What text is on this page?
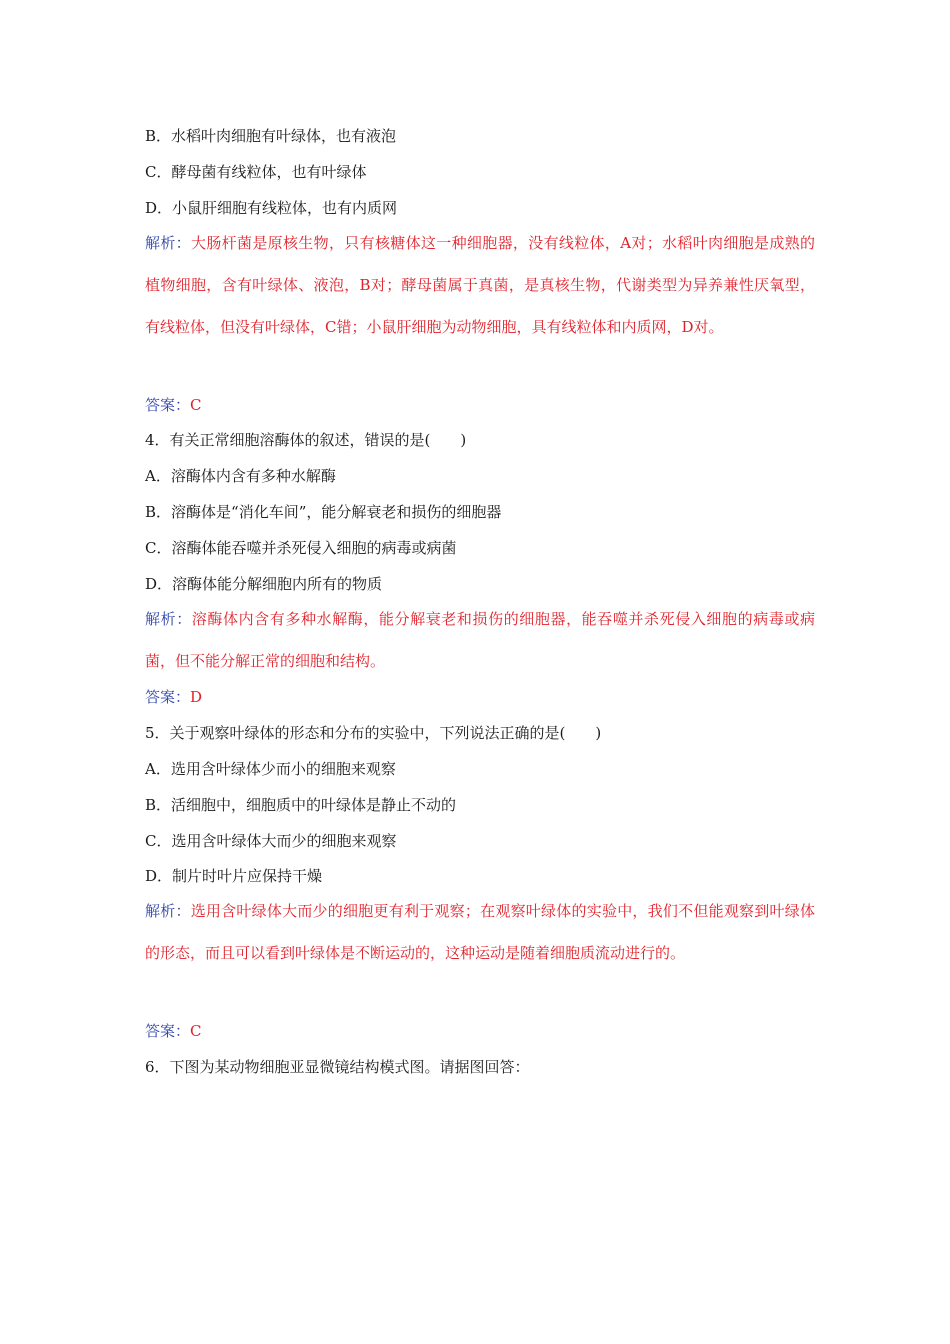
B．水稻叶肉细胞有叶绿体，也有液泡
C．酵母菌有线粒体，也有叶绿体
D．小鼠肝细胞有线粒体，也有内质网
解析：大肠杆菌是原核生物，只有核糖体这一种细胞器，没有线粒体，A对；水稻叶肉细胞是成熟的植物细胞，含有叶绿体、液泡，B对；酵母菌属于真菌，是真核生物，代谢类型为异养兼性厌氧型，有线粒体，但没有叶绿体，C错；小鼠肝细胞为动物细胞，具有线粒体和内质网，D对。
答案：C
4．有关正常细胞溶酶体的叙述，错误的是(　　)
A．溶酶体内含有多种水解酶
B．溶酶体是“消化车间”，能分解衰老和损伤的细胞器
C．溶酶体能吞噬并杀死侵入细胞的病毒或病菌
D．溶酶体能分解细胞内所有的物质
解析：溶酶体内含有多种水解酶，能分解衰老和损伤的细胞器，能吞噬并杀死侵入细胞的病毒或病菌，但不能分解正常的细胞和结构。
答案：D
5．关于观察叶绿体的形态和分布的实验中，下列说法正确的是(　　)
A．选用含叶绿体少而小的细胞来观察
B．活细胞中，细胞质中的叶绿体是静止不动的
C．选用含叶绿体大而少的细胞来观察
D．制片时叶片应保持干燥
解析：选用含叶绿体大而少的细胞更有利于观察；在观察叶绿体的实验中，我们不但能观察到叶绿体的形态，而且可以看到叶绿体是不断运动的，这种运动是随着细胞质流动进行的。
答案：C
6．下图为某动物细胞亚显微镜结构模式图。请据图回答：
